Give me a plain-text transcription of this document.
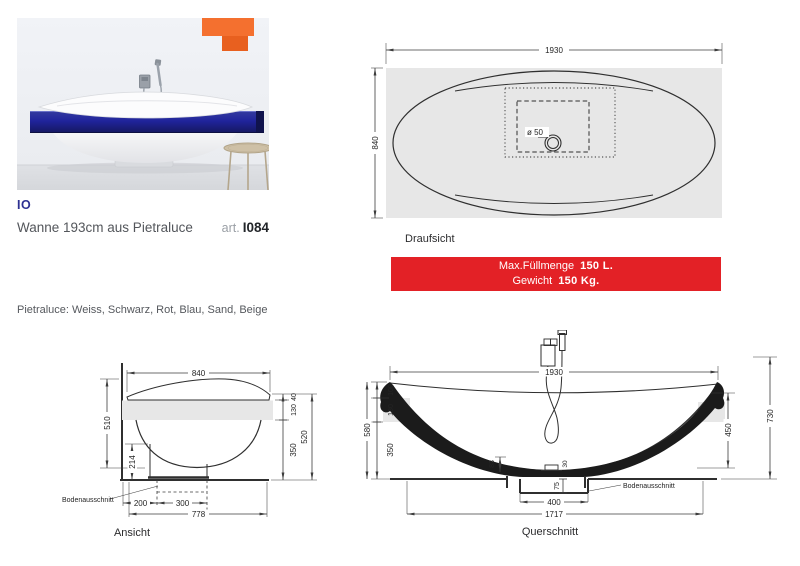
IO
Wanne 193cm aus Pietraluce art. I084
Pietraluce: Weiss, Schwarz, Rot, Blau, Sand, Beige
ø 50
1930
840
Draufsicht
Max.Füllmenge 150 L.
Gewicht 150 Kg.
840
510
214
40
130
350
520
200	300
778
Bodenausschnitt
Ansicht
1930
100
130
350
580	450
730
83	30
75
400
1717
Bodenausschnitt
Querschnitt
